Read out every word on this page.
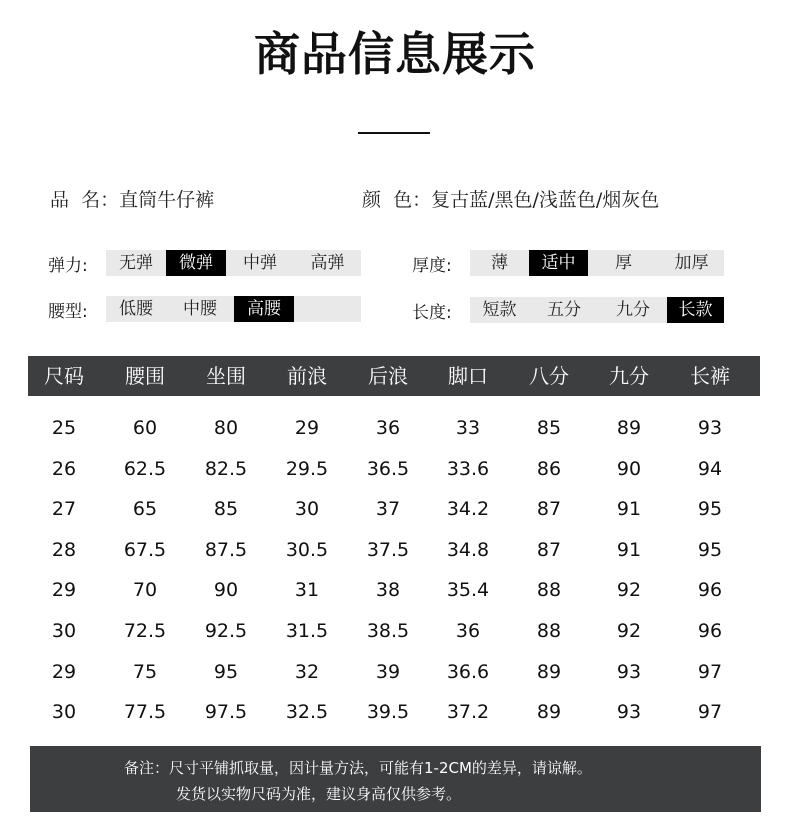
商品信息展示
品  名：直筒牛仔裤	颜  色：复古蓝/黑色/浅蓝色/烟灰色
弹力:	无弹	微弹	中弹	高弹	厚度:	薄	适中	厚	加厚
腰型:	低腰	中腰	高腰	长度:	短款	五分	九分	长款
尺码	腰围	坐围	前浪	后浪	脚口	八分	九分	长裤
25	60	80	29	36	33	85	89	93
26	62.5	82.5	29.5	36.5	33.6	86	90	94
27	65	85	30	37	34.2	87	91	95
28	67.5	87.5	30.5	37.5	34.8	87	91	95
29	70	90	31	38	35.4	88	92	96
30	72.5	92.5	31.5	38.5	36	88	92	96
29	75	95	32	39	36.6	89	93	97
30	77.5	97.5	32.5	39.5	37.2	89	93	97
备注：尺寸平铺抓取量，因计量方法，可能有1-2CM的差异，请谅解。
发货以实物尺码为准，建议身高仅供参考。
